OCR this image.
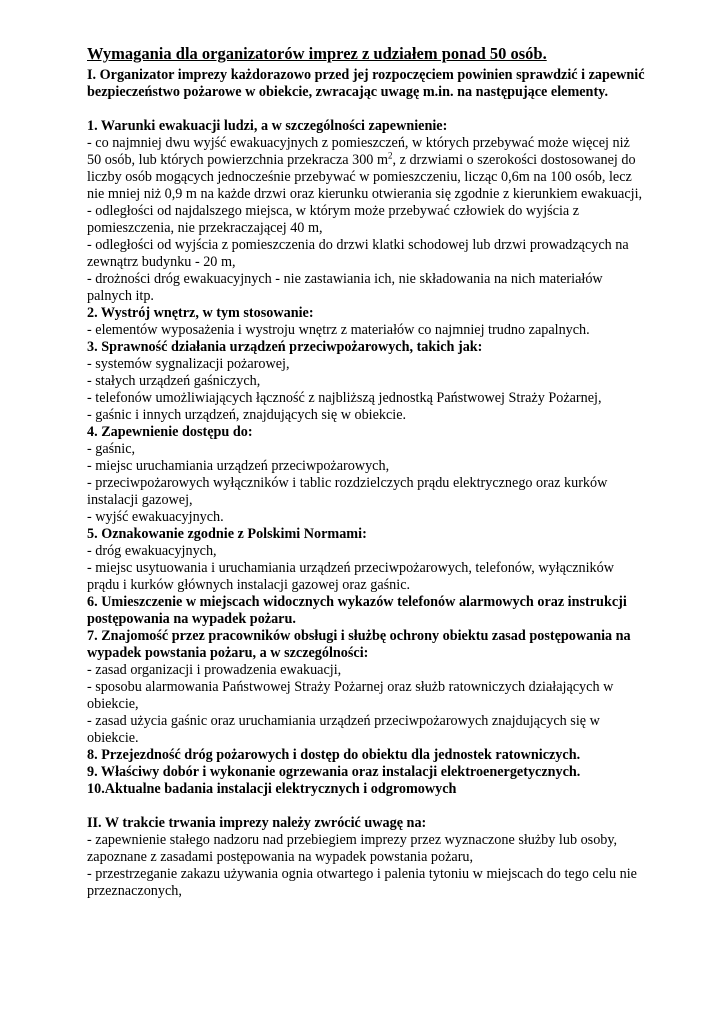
Wymagania dla organizatorów imprez z udziałem ponad 50 osób.

I. Organizator imprezy każdorazowo przed jej rozpoczęciem powinien sprawdzić i zapewnić bezpieczeństwo pożarowe w obiekcie, zwracając uwagę m.in. na następujące elementy.

1. Warunki ewakuacji ludzi, a w szczególności zapewnienie:

- co najmniej dwu wyjść ewakuacyjnych z pomieszczeń, w których przebywać może więcej niż 50 osób, lub których powierzchnia przekracza 300 $m^2$, z drzwiami o szerokości dostosowanej do liczby osób mogących jednocześnie przebywać w pomieszczeniu, licząc 0,6m na 100 osób, lecz nie mniej niż 0,9 m na każde drzwi oraz kierunku otwierania się zgodnie z kierunkiem ewakuacji,

- odległości od najdalszego miejsca, w którym może przebywać człowiek do wyjścia z pomieszczenia, nie przekraczającej 40 m,

- odległości od wyjścia z pomieszczenia do drzwi klatki schodowej lub drzwi prowadzących na zewnątrz budynku - 20 m,

- drożności dróg ewakuacyjnych - nie zastawiania ich, nie składowania na nich materiałów palnych itp.

2. Wystrój wnętrz, w tym stosowanie:

- elementów wyposażenia i wystroju wnętrz z materiałów co najmniej trudno zapalnych.

3. Sprawność działania urządzeń przeciwpożarowych, takich jak:

- systemów sygnalizacji pożarowej,

- stałych urządzeń gaśniczych,

- telefonów umożliwiających łączność z najbliższą jednostką Państwowej Straży Pożarnej,

- gaśnic i innych urządzeń, znajdujących się w obiekcie.

4. Zapewnienie dostępu do:

- gaśnic,

- miejsc uruchamiania urządzeń przeciwpożarowych,

- przeciwpożarowych wyłączników i tablic rozdzielczych prądu elektrycznego oraz kurków instalacji gazowej,

- wyjść ewakuacyjnych.

5. Oznakowanie zgodnie z Polskimi Normami:

- dróg ewakuacyjnych,

- miejsc usytuowania i uruchamiania urządzeń przeciwpożarowych, telefonów, wyłączników prądu i kurków głównych instalacji gazowej oraz gaśnic.

6. Umieszczenie w miejscach widocznych wykazów telefonów alarmowych oraz instrukcji postępowania na wypadek pożaru.

7. Znajomość przez pracowników obsługi i służbę ochrony obiektu zasad postępowania na wypadek powstania pożaru, a w szczególności:

- zasad organizacji i prowadzenia ewakuacji,

- sposobu alarmowania Państwowej Straży Pożarnej oraz służb ratowniczych działających w obiekcie,

- zasad użycia gaśnic oraz uruchamiania urządzeń przeciwpożarowych znajdujących się w obiekcie.

8. Przejezdność dróg pożarowych i dostęp do obiektu dla jednostek ratowniczych.

9. Właściwy dobór i wykonanie ogrzewania oraz instalacji elektroenergetycznych.

10.Aktualne badania instalacji elektrycznych i odgromowych

II. W trakcie trwania imprezy należy zwrócić uwagę na:

- zapewnienie stałego nadzoru nad przebiegiem imprezy przez wyznaczone służby lub osoby, zapoznane z zasadami postępowania na wypadek powstania pożaru,

- przestrzeganie zakazu używania ognia otwartego i palenia tytoniu w miejscach do tego celu nie przeznaczonych,
